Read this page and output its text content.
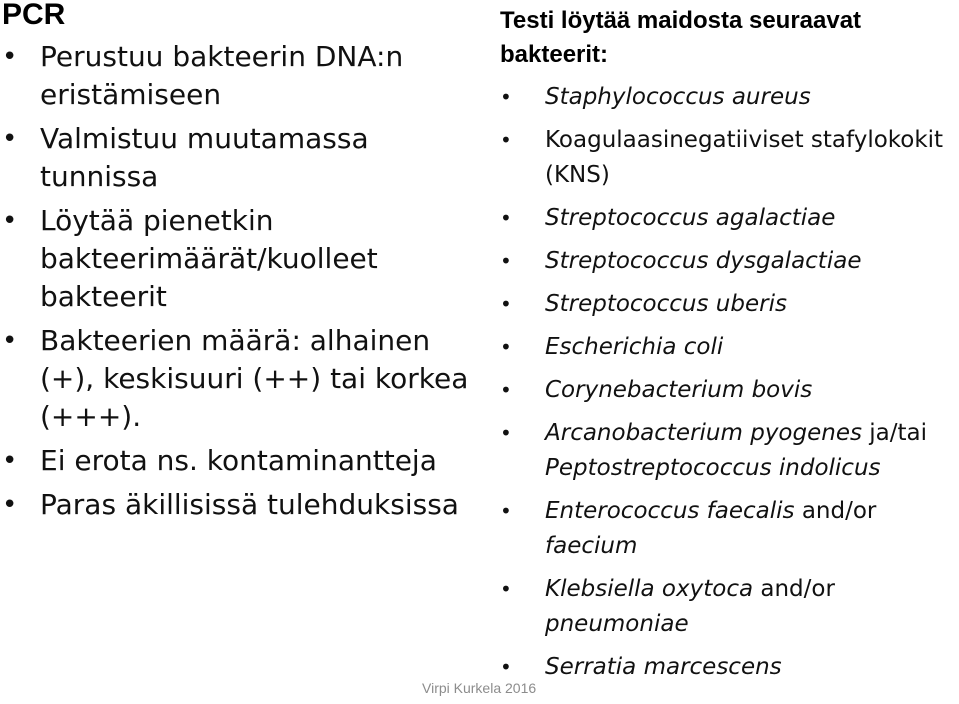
PCR
• Perustuu bakteerin DNA:n eristämiseen
• Valmistuu muutamassa tunnissa
• Löytää pienetkin bakteerimäärät/kuolleet bakteerit
• Bakteerien määrä: alhainen (+), keskisuuri (++) tai korkea (+++).
• Ei erota ns. kontaminantteja
• Paras äkillisissä tulehduksissa
Testi löytää maidosta seuraavat bakteerit:
• Staphylococcus aureus
• Koagulaasinegatiiviset stafylokokit (KNS)
• Streptococcus agalactiae
• Streptococcus dysgalactiae
• Streptococcus uberis
• Escherichia coli
• Corynebacterium bovis
• Arcanobacterium pyogenes ja/tai Peptostreptococcus indolicus
• Enterococcus faecalis and/or faecium
• Klebsiella oxytoca and/or pneumoniae
• Serratia marcescens
Virpi Kurkela 2016
